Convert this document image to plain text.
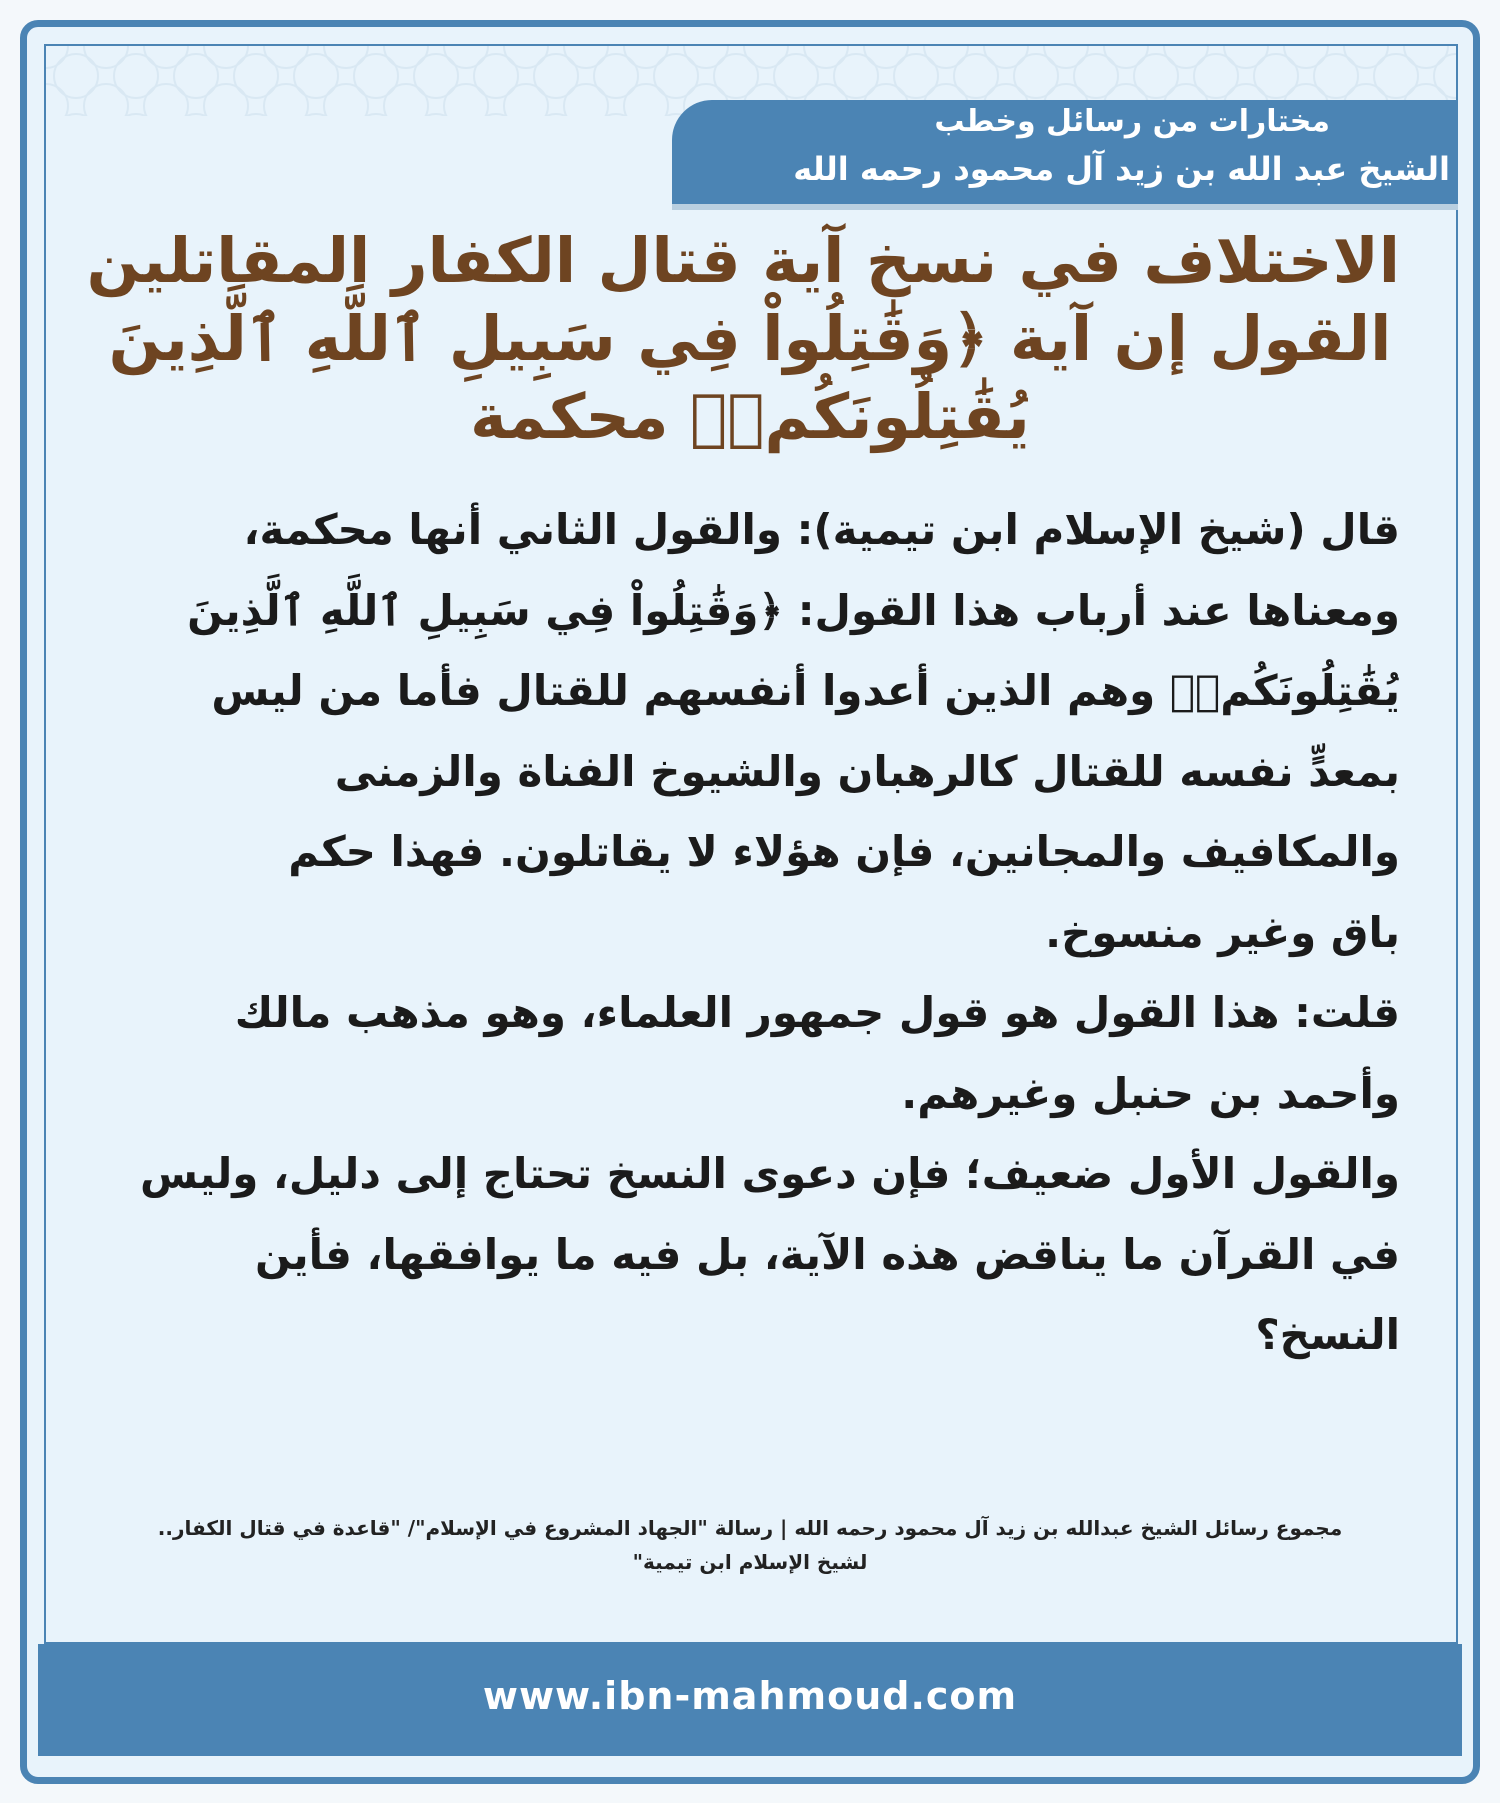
مختارات من رسائل وخطب
الشيخ عبد الله بن زيد آل محمود رحمه الله
الاختلاف في نسخ آية قتال الكفار المقاتلين
القول إن آية ﴿وَقَٰتِلُواْ فِي سَبِيلِ ٱللَّهِ ٱلَّذِينَ
يُقَٰتِلُونَكُمۡ﴾ محكمة
قال (شيخ الإسلام ابن تيمية): والقول الثاني أنها محكمة،
ومعناها عند أرباب هذا القول: ﴿وَقَٰتِلُواْ فِي سَبِيلِ ٱللَّهِ ٱلَّذِينَ
يُقَٰتِلُونَكُمۡ﴾ وهم الذين أعدوا أنفسهم للقتال فأما من ليس
بمعدٍّ نفسه للقتال كالرهبان والشيوخ الفناة والزمنى
والمكافيف والمجانين، فإن هؤلاء لا يقاتلون. فهذا حكم
باق وغير منسوخ.
قلت: هذا القول هو قول جمهور العلماء، وهو مذهب مالك
وأحمد بن حنبل وغيرهم.
والقول الأول ضعيف؛ فإن دعوى النسخ تحتاج إلى دليل، وليس
في القرآن ما يناقض هذه الآية، بل فيه ما يوافقها، فأين
النسخ؟
مجموع رسائل الشيخ عبدالله بن زيد آل محمود رحمه الله | رسالة "الجهاد المشروع في الإسلام"/ "قاعدة في قتال الكفار..
لشيخ الإسلام ابن تيمية"
www.ibn-mahmoud.com
